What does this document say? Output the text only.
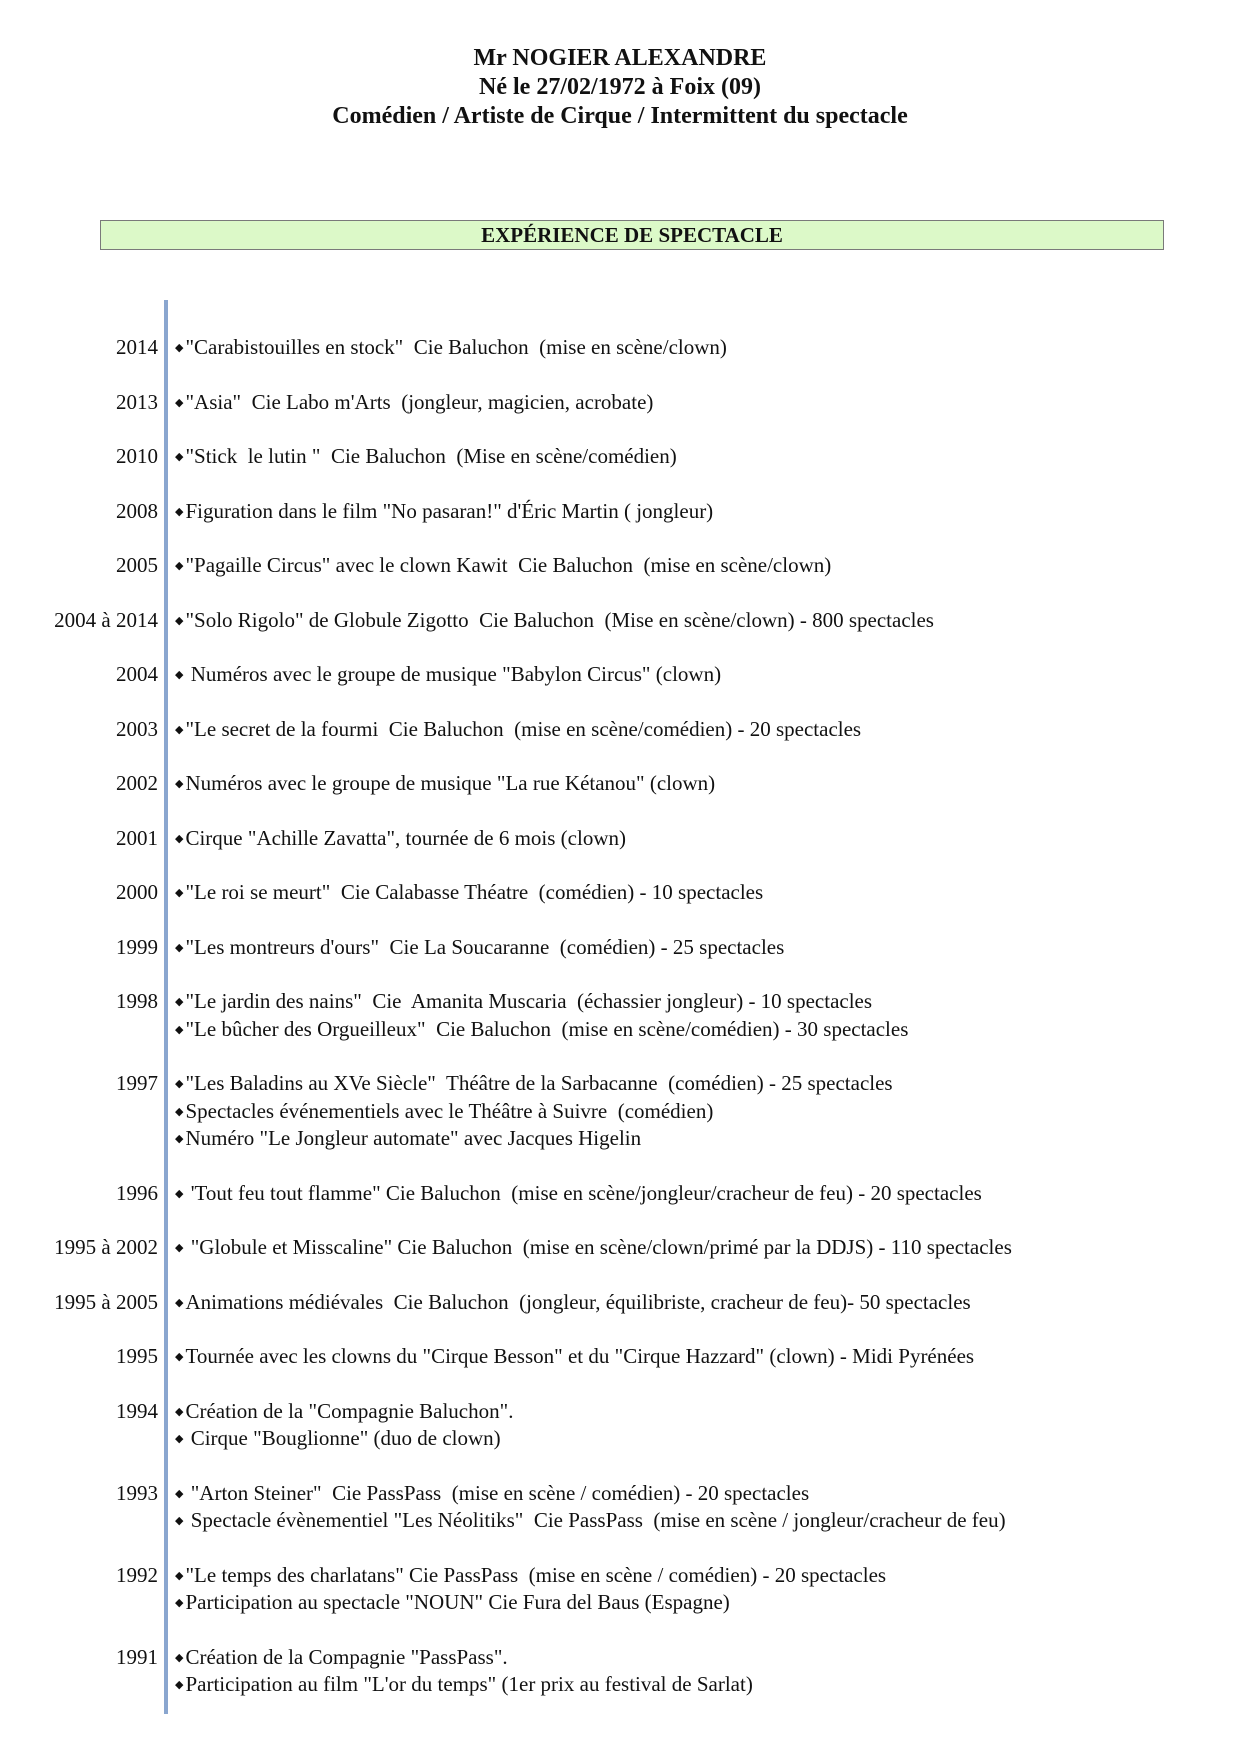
Mr NOGIER ALEXANDRE
Né le 27/02/1972 à Foix (09)
Comédien / Artiste de Cirque / Intermittent du spectacle
EXPÉRIENCE DE SPECTACLE
2014 ◆"Carabistouilles en stock"  Cie Baluchon  (mise en scène/clown)
2013 ◆"Asia"  Cie Labo m'Arts  (jongleur, magicien, acrobate)
2010 ◆"Stick  le lutin "  Cie Baluchon  (Mise en scène/comédien)
2008 ◆Figuration dans le film "No pasaran!" d'Éric Martin ( jongleur)
2005 ◆"Pagaille Circus" avec le clown Kawit  Cie Baluchon  (mise en scène/clown)
2004 à 2014 ◆"Solo Rigolo" de Globule Zigotto  Cie Baluchon  (Mise en scène/clown) - 800 spectacles
2004 ◆ Numéros avec le groupe de musique "Babylon Circus" (clown)
2003 ◆"Le secret de la fourmi  Cie Baluchon  (mise en scène/comédien) - 20 spectacles
2002 ◆Numéros avec le groupe de musique "La rue Kétanou" (clown)
2001 ◆Cirque "Achille Zavatta", tournée de 6 mois (clown)
2000 ◆"Le roi se meurt"  Cie Calabasse Théatre  (comédien) - 10 spectacles
1999 ◆"Les montreurs d'ours"  Cie La Soucaranne  (comédien) - 25 spectacles
1998 ◆"Le jardin des nains"  Cie  Amanita Muscaria  (échassier jongleur) - 10 spectacles
◆"Le bûcher des Orgueilleux"  Cie Baluchon  (mise en scène/comédien) - 30 spectacles
1997 ◆"Les Baladins au XVe Siècle"  Théâtre de la Sarbacanne  (comédien) - 25 spectacles
◆Spectacles événementiels avec le Théâtre à Suivre  (comédien)
◆Numéro "Le Jongleur automate" avec Jacques Higelin
1996 ◆ 'Tout feu tout flamme" Cie Baluchon  (mise en scène/jongleur/cracheur de feu) - 20 spectacles
1995 à 2002 ◆ "Globule et Misscaline" Cie Baluchon  (mise en scène/clown/primé par la DDJS) - 110 spectacles
1995 à 2005 ◆Animations médiévales  Cie Baluchon  (jongleur, équilibriste, cracheur de feu)- 50 spectacles
1995 ◆Tournée avec les clowns du "Cirque Besson" et du "Cirque Hazzard" (clown) - Midi Pyrénées
1994 ◆Création de la "Compagnie Baluchon".
◆ Cirque "Bouglionne" (duo de clown)
1993 ◆ "Arton Steiner"  Cie PassPass  (mise en scène / comédien) - 20 spectacles
◆ Spectacle évènementiel "Les Néolitiks"  Cie PassPass  (mise en scène / jongleur/cracheur de feu)
1992 ◆"Le temps des charlatans" Cie PassPass  (mise en scène / comédien) - 20 spectacles
◆Participation au spectacle "NOUN" Cie Fura del Baus (Espagne)
1991 ◆Création de la Compagnie "PassPass".
◆Participation au film "L'or du temps" (1er prix au festival de Sarlat)
